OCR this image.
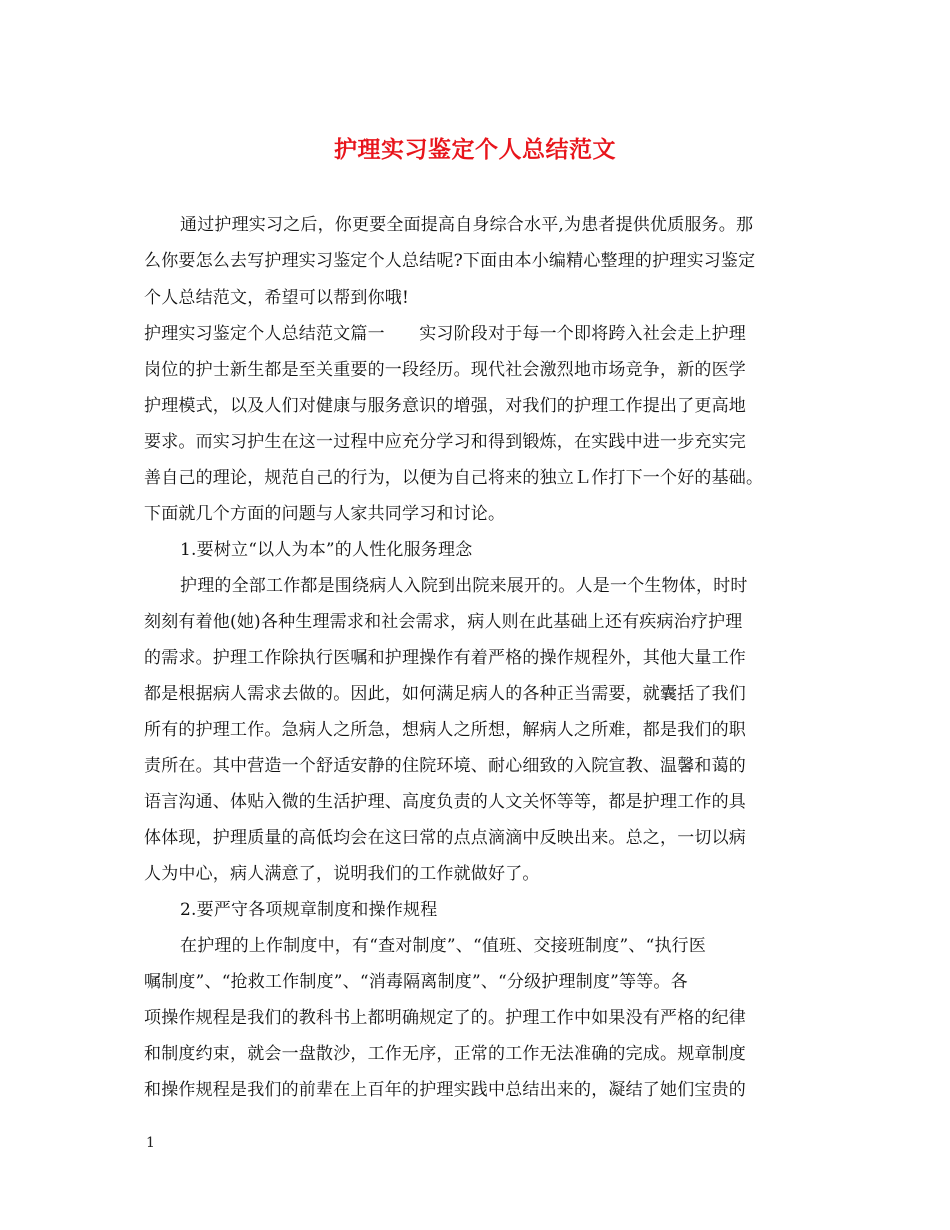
护理实习鉴定个人总结范文
通过护理实习之后，你更要全面提高自身综合水平,为患者提供优质服务。那
么你要怎么去写护理实习鉴定个人总结呢?下面由本小编精心整理的护理实习鉴定
个人总结范文，希望可以帮到你哦!
护理实习鉴定个人总结范文篇一　　实习阶段对于每一个即将跨入社会走上护理
岗位的护士新生都是至关重要的一段经历。现代社会激烈地市场竞争，新的医学
护理模式，以及人们对健康与服务意识的增强，对我们的护理工作提出了更高地
要求。而实习护生在这一过程中应充分学习和得到锻炼，在实践中进一步充实完
善自己的理论，规范自己的行为，以便为自己将来的独立Ｌ作打下一个好的基础。
下面就几个方面的问题与人家共同学习和讨论。
1.要树立“以人为本”的人性化服务理念
护理的全部工作都是围绕病人入院到出院来展开的。人是一个生物体，时时
刻刻有着他(她)各种生理需求和社会需求，病人则在此基础上还有疾病治疗护理
的需求。护理工作除执行医嘱和护理操作有着严格的操作规程外，其他大量工作
都是根据病人需求去做的。因此，如何满足病人的各种正当需要，就囊括了我们
所有的护理工作。急病人之所急，想病人之所想，解病人之所难，都是我们的职
责所在。其中营造一个舒适安静的住院环境、耐心细致的入院宣教、温馨和蔼的
语言沟通、体贴入微的生活护理、高度负责的人文关怀等等，都是护理工作的具
体体现，护理质量的高低均会在这曰常的点点滴滴中反映出来。总之，一切以病
人为中心，病人满意了，说明我们的工作就做好了。
2.要严守各项规章制度和操作规程
在护理的上作制度中，有“查对制度”、“值班、交接班制度”、“执行医
嘱制度”、“抢救工作制度”、“消毒隔离制度”、“分级护理制度”等等。各
项操作规程是我们的教科书上都明确规定了的。护理工作中如果没有严格的纪律
和制度约束，就会一盘散沙，工作无序，正常的工作无法准确的完成。规章制度
和操作规程是我们的前辈在上百年的护理实践中总结出来的，凝结了她们宝贵的
1
